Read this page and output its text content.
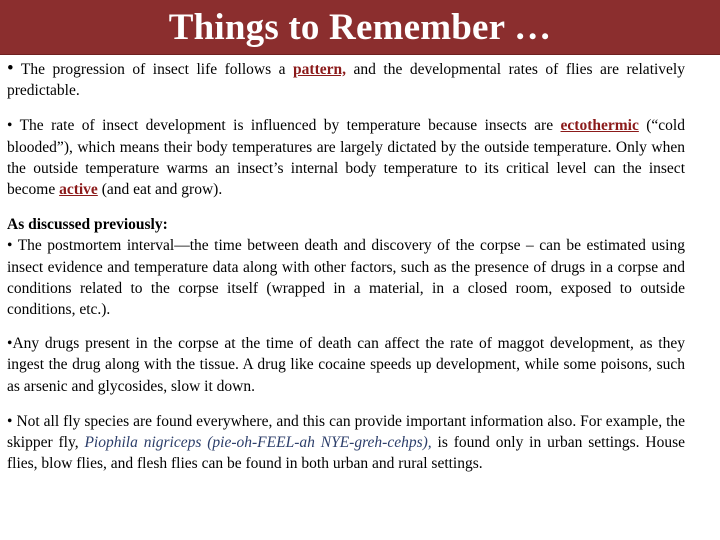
Things to Remember …

• The progression of insect life follows a pattern, and the developmental rates of flies are relatively predictable.

• The rate of insect development is influenced by temperature because insects are ectothermic (“cold blooded”), which means their body temperatures are largely dictated by the outside temperature. Only when the outside temperature warms an insect’s internal body temperature to its critical level can the insect become active (and eat and grow).

As discussed previously:
• The postmortem interval—the time between death and discovery of the corpse – can be estimated using insect evidence and temperature data along with other factors, such as the presence of drugs in a corpse and conditions related to the corpse itself (wrapped in a material, in a closed room, exposed to outside conditions, etc.).

•Any drugs present in the corpse at the time of death can affect the rate of maggot development, as they ingest the drug along with the tissue. A drug like cocaine speeds up development, while some poisons, such as arsenic and glycosides, slow it down.

• Not all fly species are found everywhere, and this can provide important information also. For example, the skipper fly, Piophila nigriceps (pie-oh-FEEL-ah NYE-greh-cehps), is found only in urban settings. House flies, blow flies, and flesh flies can be found in both urban and rural settings.
